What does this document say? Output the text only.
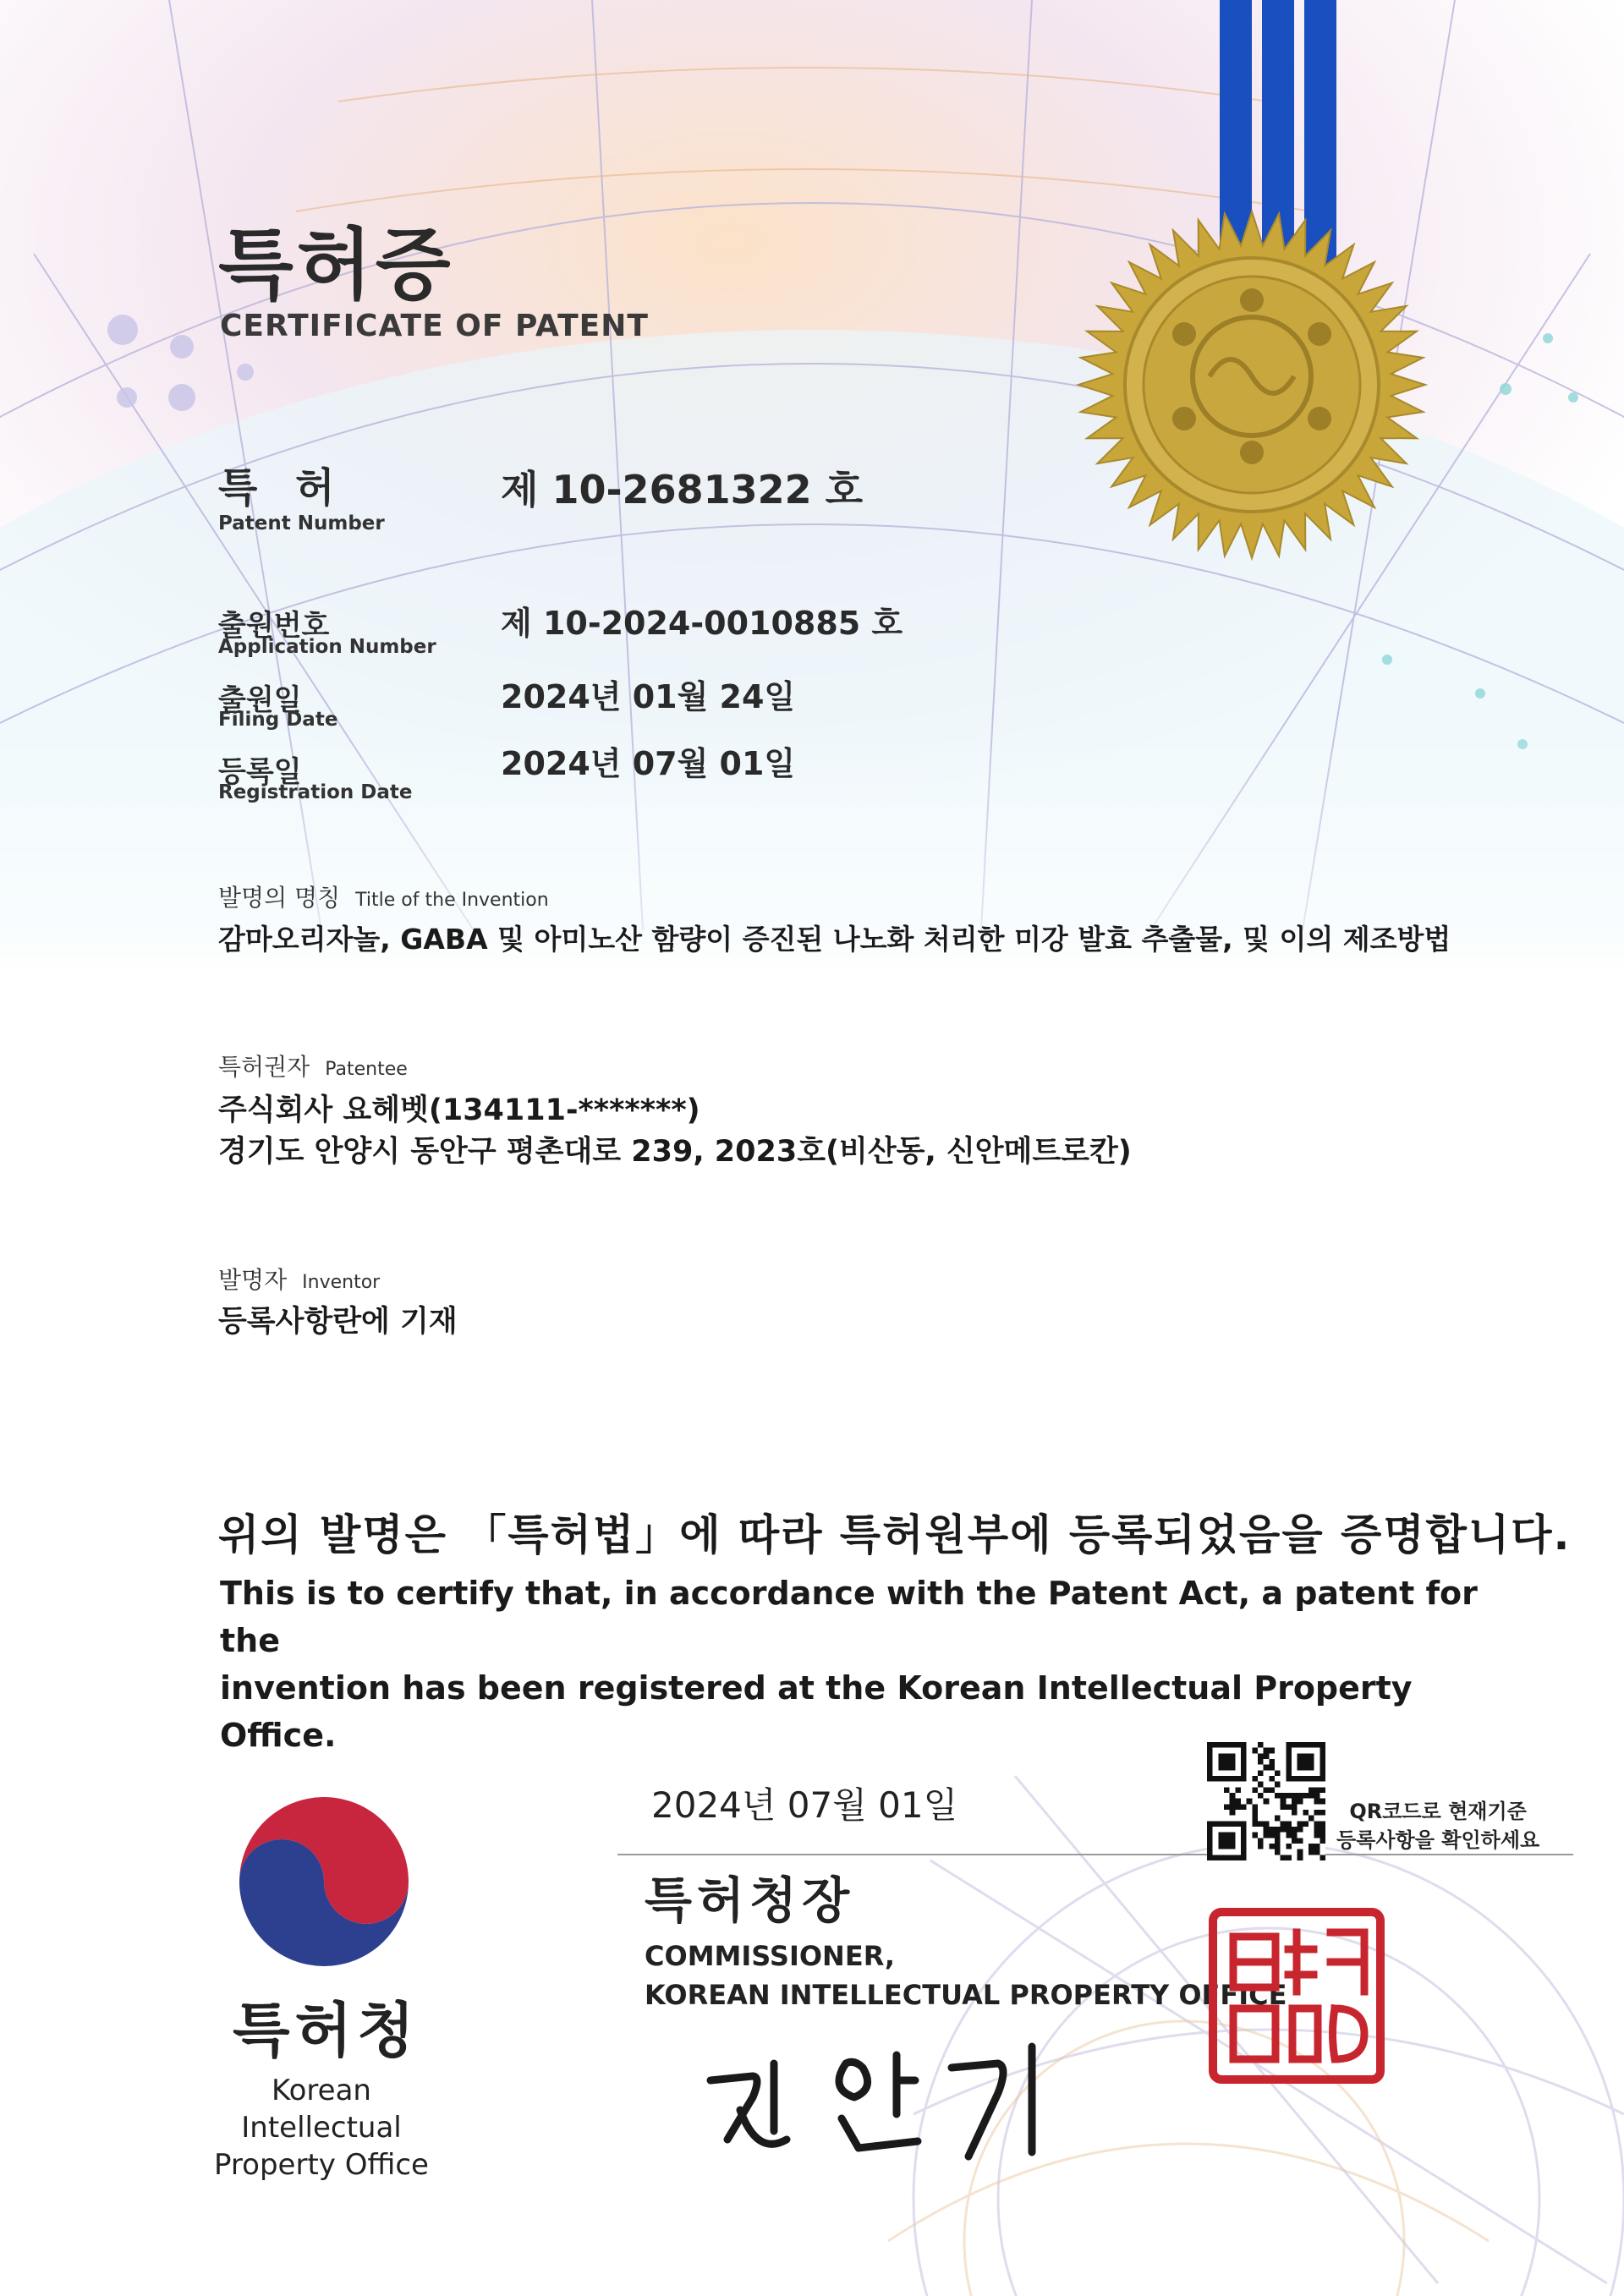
특허증
CERTIFICATE OF PATENT
특 허
Patent Number
제 10-2681322 호
출원번호
Application Number
제 10-2024-0010885 호
출원일
Filing Date
2024년 01월 24일
등록일
Registration Date
2024년 07월 01일
발명의 명칭 Title of the Invention
감마오리자놀, GABA 및 아미노산 함량이 증진된 나노화 처리한 미강 발효 추출물, 및 이의 제조방법
특허권자 Patentee
주식회사 요헤벳(134111-*******)
경기도 안양시 동안구 평촌대로 239, 2023호(비산동, 신안메트로칸)
발명자 Inventor
등록사항란에 기재
위의 발명은 「특허법」에 따라 특허원부에 등록되었음을 증명합니다.
This is to certify that, in accordance with the Patent Act, a patent for the
invention has been registered at the Korean Intellectual Property Office.
2024년 07월 01일
특허청장
COMMISSIONER,
KOREAN INTELLECTUAL PROPERTY OFFICE
QR코드로 현재기준
등록사항을 확인하세요
특허청
Korean Intellectual
Property Office
